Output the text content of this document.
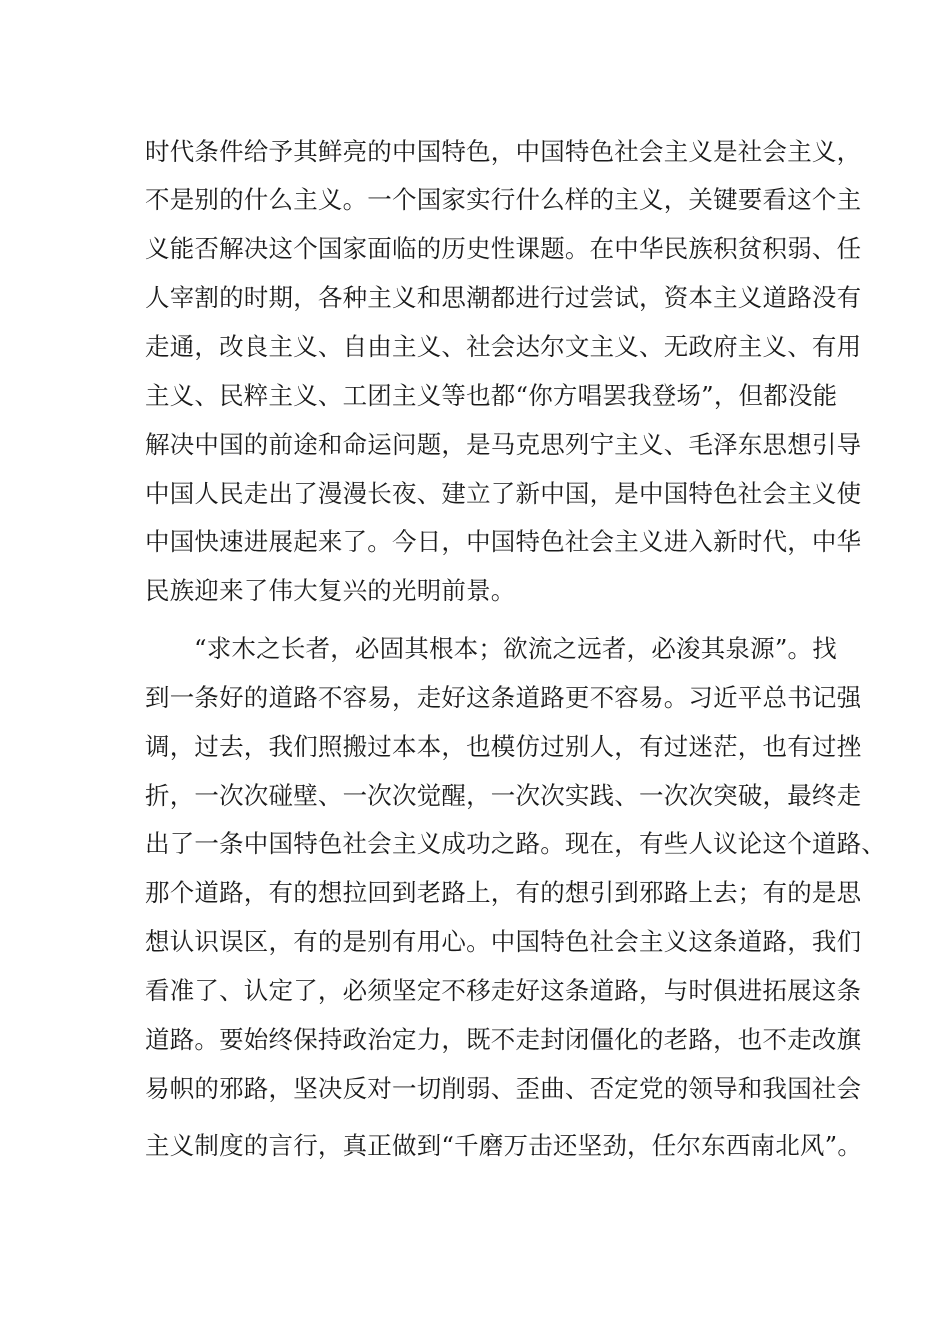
时代条件给予其鲜亮的中国特色，中国特色社会主义是社会主义，
不是别的什么主义。一个国家实行什么样的主义，关键要看这个主
义能否解决这个国家面临的历史性课题。在中华民族积贫积弱、任
人宰割的时期，各种主义和思潮都进行过尝试，资本主义道路没有
走通，改良主义、自由主义、社会达尔文主义、无政府主义、有用
主义、民粹主义、工团主义等也都“你方唱罢我登场”，但都没能
解决中国的前途和命运问题，是马克思列宁主义、毛泽东思想引导
中国人民走出了漫漫长夜、建立了新中国，是中国特色社会主义使
中国快速进展起来了。今日，中国特色社会主义进入新时代，中华
民族迎来了伟大复兴的光明前景。
“求木之长者，必固其根本；欲流之远者，必浚其泉源”。找
到一条好的道路不容易，走好这条道路更不容易。习近平总书记强
调，过去，我们照搬过本本，也模仿过别人，有过迷茫，也有过挫
折，一次次碰壁、一次次觉醒，一次次实践、一次次突破，最终走
出了一条中国特色社会主义成功之路。现在，有些人议论这个道路、
那个道路，有的想拉回到老路上，有的想引到邪路上去；有的是思
想认识误区，有的是别有用心。中国特色社会主义这条道路，我们
看准了、认定了，必须坚定不移走好这条道路，与时俱进拓展这条
道路。要始终保持政治定力，既不走封闭僵化的老路，也不走改旗
易帜的邪路，坚决反对一切削弱、歪曲、否定党的领导和我国社会
主义制度的言行，真正做到“千磨万击还坚劲，任尔东西南北风”。
